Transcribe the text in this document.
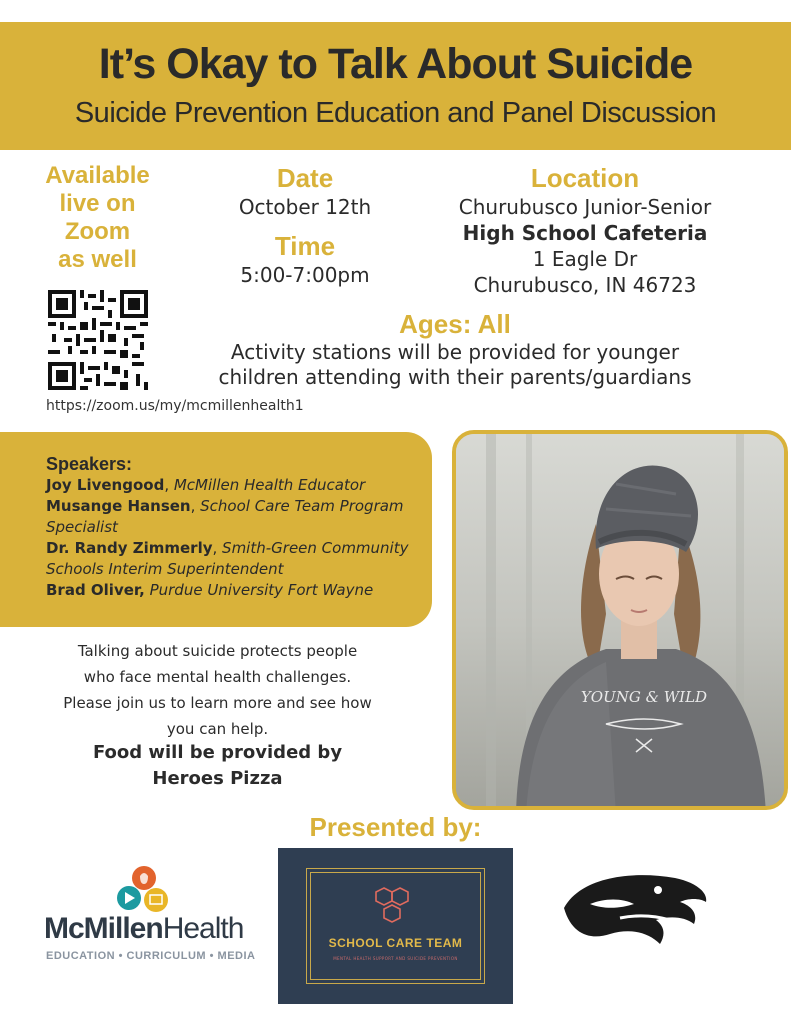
It’s Okay to Talk About Suicide
Suicide Prevention Education and Panel Discussion
Available
live on
Zoom
as well
https://zoom.us/my/mcmillenhealth1
Date
October 12th
Time
5:00-7:00pm
Location
Churubusco Junior-Senior
High School Cafeteria
1 Eagle Dr
Churubusco, IN 46723
Ages: All
Activity stations will be provided for younger
children attending with their parents/guardians
Speakers:
Joy Livengood, McMillen Health Educator
Musange Hansen, School Care Team Program Specialist
Dr. Randy Zimmerly, Smith-Green Community Schools Interim Superintendent
Brad Oliver, Purdue University Fort Wayne
Talking about suicide protects people
who face mental health challenges.
Please join us to learn more and see how
you can help.
Food will be provided by
Heroes Pizza
YOUNG & WILD
Presented by:
McMillenHealth
EDUCATION • CURRICULUM • MEDIA
SCHOOL CARE TEAM
MENTAL HEALTH SUPPORT AND SUICIDE PREVENTION
